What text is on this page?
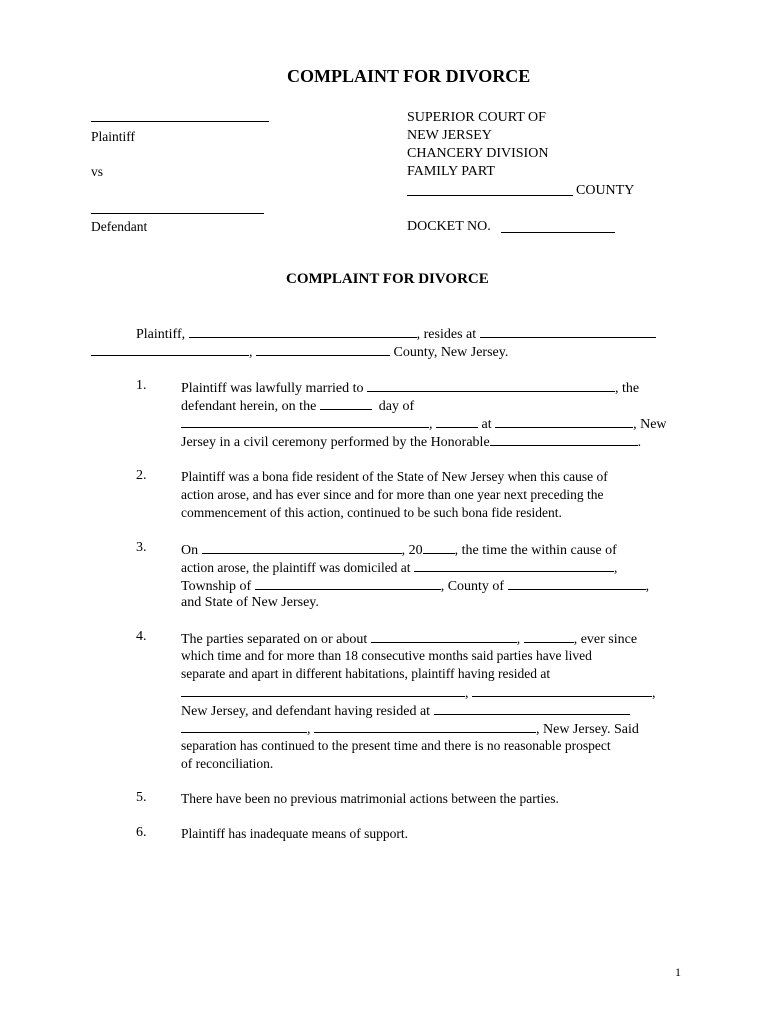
COMPLAINT FOR DIVORCE
Plaintiff
vs
Defendant
SUPERIOR COURT OF
NEW JERSEY
CHANCERY DIVISION
FAMILY PART
COUNTY
DOCKET NO.
COMPLAINT FOR DIVORCE
Plaintiff,	, resides at
,	County, New Jersey.
1. Plaintiff was lawfully married to	, the
defendant herein, on the	day of
,	at	, New
Jersey in a civil ceremony performed by the Honorable	.
2.	Plaintiff was a bona fide resident of the State of New Jersey when this cause of
action arose, and has ever since and for more than one year next preceding the
commencement of this action, continued to be such bona fide resident.
3. On	, 20 , the time the within cause of
action arose, the plaintiff was domiciled at	,
Township of	, County of	,
and State of New Jersey.
4. The parties separated on or about	,	, ever since
which time and for more than 18 consecutive months said parties have lived
separate and apart in different habitations, plaintiff having resided at
,	,
New Jersey, and defendant having resided at
,	, New Jersey. Said
separation has continued to the present time and there is no reasonable prospect
of reconciliation.
5.	There have been no previous matrimonial actions between the parties.
6.	Plaintiff has inadequate means of support.
1
